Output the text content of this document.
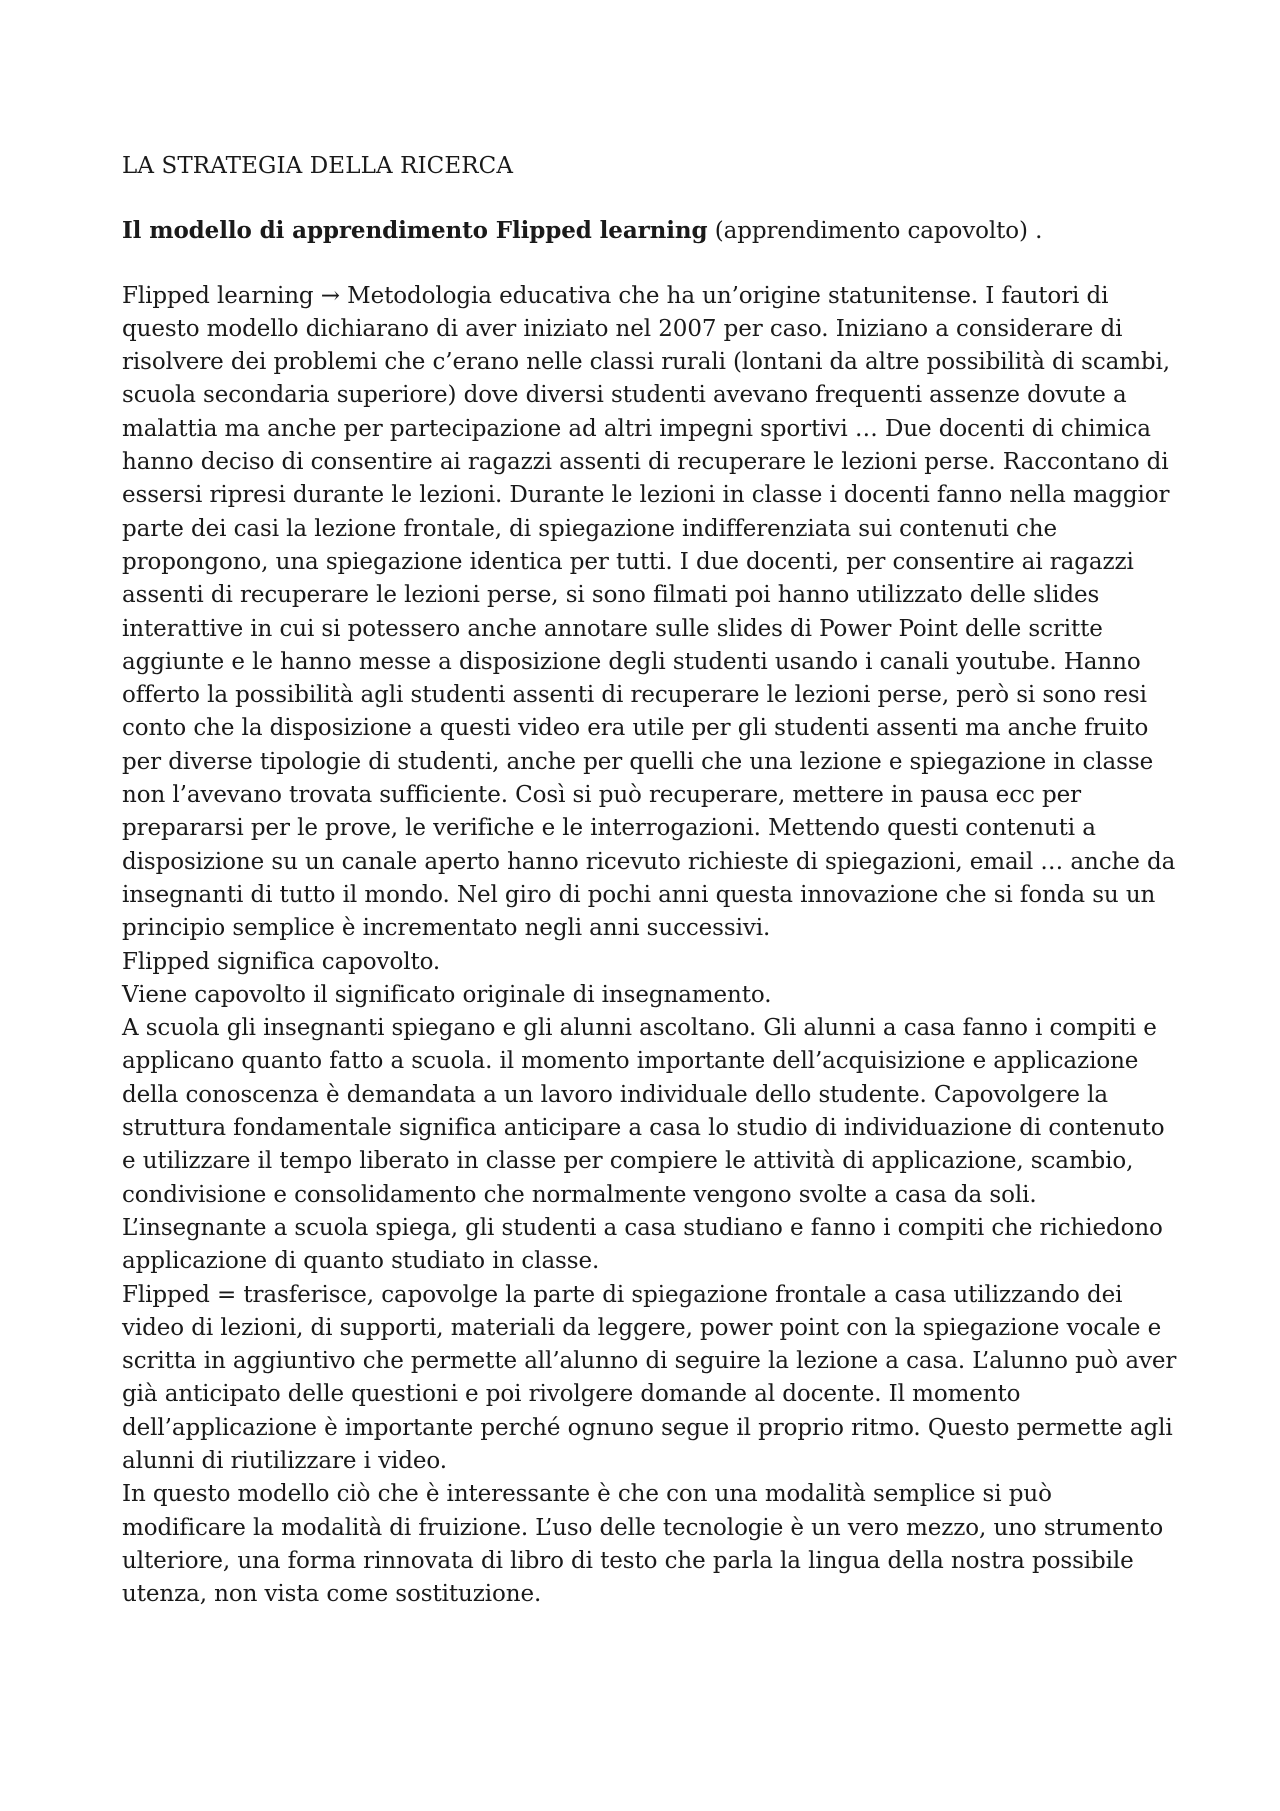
LA STRATEGIA DELLA RICERCA

Il modello di apprendimento Flipped learning (apprendimento capovolto) .

Flipped learning → Metodologia educativa che ha un’origine statunitense. I fautori di questo modello dichiarano di aver iniziato nel 2007 per caso. Iniziano a considerare di risolvere dei problemi che c’erano nelle classi rurali (lontani da altre possibilità di scambi, scuola secondaria superiore) dove diversi studenti avevano frequenti assenze dovute a malattia ma anche per partecipazione ad altri impegni sportivi … Due docenti di chimica hanno deciso di consentire ai ragazzi assenti di recuperare le lezioni perse. Raccontano di essersi ripresi durante le lezioni. Durante le lezioni in classe i docenti fanno nella maggior parte dei casi la lezione frontale, di spiegazione indifferenziata sui contenuti che propongono, una spiegazione identica per tutti. I due docenti, per consentire ai ragazzi assenti di recuperare le lezioni perse, si sono filmati poi hanno utilizzato delle slides interattive in cui si potessero anche annotare sulle slides di Power Point delle scritte aggiunte e le hanno messe a disposizione degli studenti usando i canali youtube. Hanno offerto la possibilità agli studenti assenti di recuperare le lezioni perse, però si sono resi conto che la disposizione a questi video era utile per gli studenti assenti ma anche fruito per diverse tipologie di studenti, anche per quelli che una lezione e spiegazione in classe non l’avevano trovata sufficiente. Così si può recuperare, mettere in pausa ecc per prepararsi per le prove, le verifiche e le interrogazioni. Mettendo questi contenuti a disposizione su un canale aperto hanno ricevuto richieste di spiegazioni, email … anche da insegnanti di tutto il mondo. Nel giro di pochi anni questa innovazione che si fonda su un principio semplice è incrementato negli anni successivi.

Flipped significa capovolto.

Viene capovolto il significato originale di insegnamento.

A scuola gli insegnanti spiegano e gli alunni ascoltano. Gli alunni a casa fanno i compiti e applicano quanto fatto a scuola. il momento importante dell’acquisizione e applicazione della conoscenza è demandata a un lavoro individuale dello studente. Capovolgere la struttura fondamentale significa anticipare a casa lo studio di individuazione di contenuto e utilizzare il tempo liberato in classe per compiere le attività di applicazione, scambio, condivisione e consolidamento che normalmente vengono svolte a casa da soli.

L’insegnante a scuola spiega, gli studenti a casa studiano e fanno i compiti che richiedono applicazione di quanto studiato in classe.

Flipped = trasferisce, capovolge la parte di spiegazione frontale a casa utilizzando dei video di lezioni, di supporti, materiali da leggere, power point con la spiegazione vocale e scritta in aggiuntivo che permette all’alunno di seguire la lezione a casa. L’alunno può aver già anticipato delle questioni e poi rivolgere domande al docente. Il momento dell’applicazione è importante perché ognuno segue il proprio ritmo. Questo permette agli alunni di riutilizzare i video.

In questo modello ciò che è interessante è che con una modalità semplice si può modificare la modalità di fruizione. L’uso delle tecnologie è un vero mezzo, uno strumento ulteriore, una forma rinnovata di libro di testo che parla la lingua della nostra possibile utenza, non vista come sostituzione.
